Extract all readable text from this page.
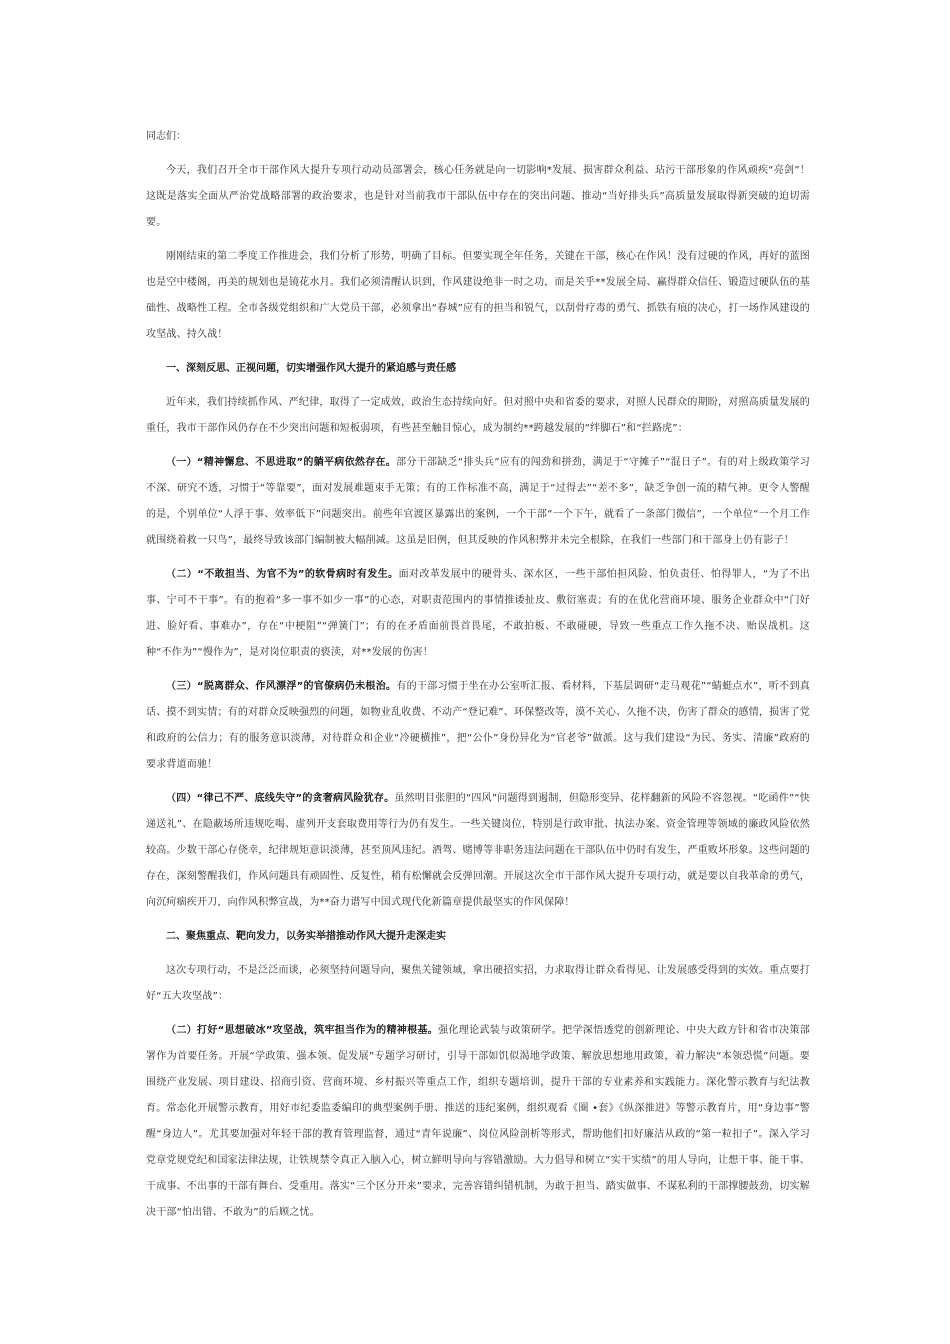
同志们：

今天，我们召开全市干部作风大提升专项行动动员部署会，核心任务就是向一切影响*发展、损害群众利益、玷污干部形象的作风顽疾“亮剑”！这既是落实全面从严治党战略部署的政治要求，也是针对当前我市干部队伍中存在的突出问题、推动“当好排头兵”高质量发展取得新突破的迫切需要。

刚刚结束的第二季度工作推进会，我们分析了形势，明确了目标。但要实现全年任务，关键在干部，核心在作风！没有过硬的作风，再好的蓝图也是空中楼阁，再美的规划也是镜花水月。我们必须清醒认识到，作风建设绝非一时之功，而是关乎**发展全局、赢得群众信任、锻造过硬队伍的基础性、战略性工程。全市各级党组织和广大党员干部，必须拿出“春城”应有的担当和锐气，以刮骨疗毒的勇气、抓铁有痕的决心，打一场作风建设的攻坚战、持久战！

一、深刻反思、正视问题，切实增强作风大提升的紧迫感与责任感

近年来，我们持续抓作风、严纪律，取得了一定成效，政治生态持续向好。但对照中央和省委的要求，对照人民群众的期盼，对照高质量发展的重任，我市干部作风仍存在不少突出问题和短板弱项，有些甚至触目惊心，成为制约**跨越发展的“绊脚石”和“拦路虎”：

（一）“精神懈怠、不思进取”的躺平病依然存在。部分干部缺乏“排头兵”应有的闯劲和拼劲，满足于“守摊子”“混日子”。有的对上级政策学习不深、研究不透，习惯于“等靠要”，面对发展难题束手无策；有的工作标准不高，满足于“过得去”“差不多”，缺乏争创一流的精气神。更令人警醒的是，个别单位“人浮于事、效率低下”问题突出。前些年官渡区暴露出的案例，一个干部“一个下午，就看了一条部门微信”，一个单位“一个月工作就围绕着救一只鸟”，最终导致该部门编制被大幅削减。这虽是旧例，但其反映的作风积弊并未完全根除，在我们一些部门和干部身上仍有影子！

（二）“不敢担当、为官不为”的软骨病时有发生。面对改革发展中的硬骨头、深水区，一些干部怕担风险、怕负责任、怕得罪人，“为了不出事、宁可不干事”。有的抱着“多一事不如少一事”的心态，对职责范围内的事情推诿扯皮、敷衍塞责；有的在优化营商环境、服务企业群众中“门好进、脸好看、事难办”，存在“中梗阻”“弹簧门”；有的在矛盾面前畏首畏尾，不敢拍板、不敢碰硬，导致一些重点工作久拖不决、贻误战机。这种“不作为”“慢作为”，是对岗位职责的亵渎，对**发展的伤害！

（三）“脱离群众、作风漂浮”的官僚病仍未根治。有的干部习惯于坐在办公室听汇报、看材料，下基层调研“走马观花”“蜻蜓点水”，听不到真话、摸不到实情；有的对群众反映强烈的问题，如物业乱收费、不动产“登记难”、环保整改等，漠不关心、久拖不决，伤害了群众的感情，损害了党和政府的公信力；有的服务意识淡薄，对待群众和企业“冷硬横推”，把“公仆”身份异化为“官老爷”做派。这与我们建设“为民、务实、清廉”政府的要求背道而驰！

（四）“律己不严、底线失守”的贪奢病风险犹存。虽然明目张胆的“四风”问题得到遏制，但隐形变异、花样翻新的风险不容忽视。“吃函件”“快递送礼”、在隐蔽场所违规吃喝、虚列开支套取费用等行为仍有发生。一些关键岗位，特别是行政审批、执法办案、资金管理等领域的廉政风险依然较高。少数干部心存侥幸，纪律规矩意识淡薄，甚至顶风违纪。酒驾、赌博等非职务违法问题在干部队伍中仍时有发生，严重败坏形象。这些问题的存在，深刻警醒我们，作风问题具有顽固性、反复性，稍有松懈就会反弹回潮。开展这次全市干部作风大提升专项行动，就是要以自我革命的勇气，向沉疴痼疾开刀，向作风积弊宣战，为**奋力谱写中国式现代化新篇章提供最坚实的作风保障！

二、聚焦重点、靶向发力，以务实举措推动作风大提升走深走实

这次专项行动，不是泛泛而谈，必须坚持问题导向，聚焦关键领域，拿出硬招实招，力求取得让群众看得见、让发展感受得到的实效。重点要打好“五大攻坚战”：

（二）打好“思想破冰”攻坚战，筑牢担当作为的精神根基。强化理论武装与政策研学。把学深悟透党的创新理论、中央大政方针和省市决策部署作为首要任务。开展“学政策、强本领、促发展”专题学习研讨，引导干部如饥似渴地学政策、解放思想地用政策，着力解决“本领恐慌”问题。要围绕产业发展、项目建设、招商引资、营商环境、乡村振兴等重点工作，组织专题培训，提升干部的专业素养和实践能力。深化警示教育与纪法教育。常态化开展警示教育，用好市纪委监委编印的典型案例手册、推送的违纪案例，组织观看《圈 •套》《纵深推进》等警示教育片，用“身边事”警醒“身边人”。尤其要加强对年轻干部的教育管理监督，通过“青年说廉”、岗位风险剖析等形式，帮助他们扣好廉洁从政的“第一粒扣子”。深入学习党章党规党纪和国家法律法规，让铁规禁令真正入脑入心，树立鲜明导向与容错激励。大力倡导和树立“实干实绩”的用人导向，让想干事、能干事、干成事、不出事的干部有舞台、受重用。落实“三个区分开来”要求，完善容错纠错机制，为敢于担当、踏实做事、不谋私利的干部撑腰鼓劲，切实解决干部“怕出错、不敢为”的后顾之忧。
